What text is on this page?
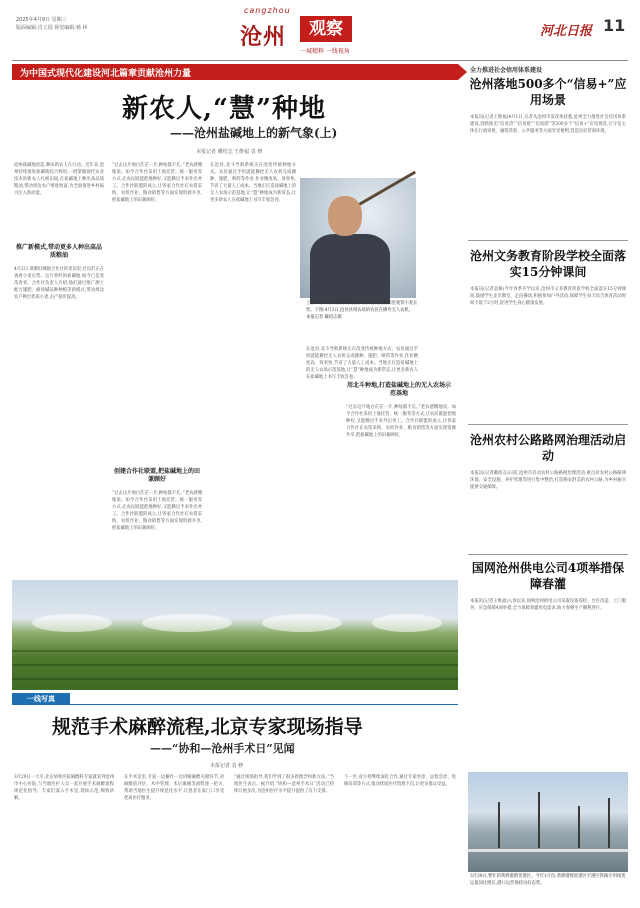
2025年4月9日 星期三
版面编辑:肖立园 视觉编辑:杨 林
cangzhou
沧州	观察
一城精粹 一线视角
河北日报 11
为中国式现代化建设河北篇章贡献沧州力量
新农人,“慧”种地
——沧州盐碱地上的新气象(上)
本报记者 戴绍志 王维福 袁 修
沧州盐碱地改造,种田新农人在行动。近年来,沧州持续推进盐碱地综合利用,一批掌握现代农业技术的新农人扎根田间,在盐碱地上种出高品质粮油,带动周边农户增收致富,为全面推进乡村振兴注入新动能。
推广新模式,带动更多人种出高品质粮油
4月2日,黄骅旧城镇合作社的麦田里,社员们正在查看小麦长势。这片曾经的盐碱地,如今已是麦苗青青。合作社负责人介绍,他们通过推广测土配方施肥、耐盐碱品种种植等新模式,带动周边农户种出优质小麦,亩产稳步提高。
“过去这片地白茫茫一片,种啥都不长。”老农感慨地说。如今合作社采用土地托管、统一服务等方式,让农民既能把地种好,又能腾出手来外出务工。合作社联盟的成立,让各家合作社在农资采购、农机作业、粮食销售等方面实现资源共享,把盐碱地上的田兼顾好。
创建合作社联盟,把盐碱地上的田兼顾好
“过去这片地白茫茫一片,种啥都不长。”老农感慨地说。如今合作社采用土地托管、统一服务等方式,让农民既能把地种好,又能腾出手来外出务工。合作社联盟的成立,让各家合作社在农资采购、农机作业、粮食销售等方面实现资源共享,把盐碱地上的田兼顾好。
在沧县,北斗导航系统正在改变传统种地方式。农民通过手机就能操控无人农机完成播种、施肥、喷药等作业,作业精度高、效率快,节省了大量人工成本。当地正打造盐碱地上的无人农场示范基地,让“慧”种地成为新常态,让更多新农人在盐碱地上书写丰收答卷。
上图:4月2日,黄骅旧城镇合作社的社员在麦田里观察小麦长势。下图:4月2日,沧县县域农场的农民在操作无人农机。 本报记者 戴绍志摄
在沧县,北斗导航系统正在改变传统种地方式。农民通过手机就能操控无人农机完成播种、施肥、喷药等作业,作业精度高、效率快,节省了大量人工成本。当地正打造盐碱地上的无人农场示范基地,让“慧”种地成为新常态,让更多新农人在盐碱地上书写丰收答卷。
用北斗种地,打造盐碱地上的无人农场示范基地
“过去这片地白茫茫一片,种啥都不长。”老农感慨地说。如今合作社采用土地托管、统一服务等方式,让农民既能把地种好,又能腾出手来外出务工。合作社联盟的成立,让各家合作社在农资采购、农机作业、粮食销售等方面实现资源共享,把盐碱地上的田兼顾好。
一线写真
规范手术麻醉流程,北京专家现场指导
——“协和—沧州手术日”见闻
本报记者 袁 修
3月29日一大早,北京协和医院麻醉科专家就来到沧州市中心医院,与当地医护人员一起开展手术麻醉流程规范化指导。专家们深入手术室,现场示范,细致讲解。
在手术室里,专家一边操作一边讲解麻醉关键环节,对麻醉前评估、术中管理、术后镇痛等流程逐一把关,帮助当地医生提升规范化水平,让患者在家门口享受优质医疗服务。
“通过现场指导,我们学到了很多新理念和新方法。”当地医生表示。据介绍,“协和—沧州手术日”活动已持续开展多次,为沧州医疗水平提升提供了有力支撑。
下一步,双方将继续深化合作,通过专家坐诊、远程会诊、进修培训等方式,推动优质医疗资源下沉,让更多群众受益。
全力推进社会信用体系建设
沧州落地500多个“信易+”应用场景
本报讯(记者王维福)4月1日,记者从沧州市发改委获悉,沧州全力推进社会信用体系建设,创新推出“信易贷”“信易批”“信易游”等500多个“信易+”应用场景,让守信主体在行政审批、融资贷款、公共服务等方面享受便利,营造良好营商环境。
沧州文务教育阶段学校全面落实15分钟课间
本报讯(记者袁修)今年春季开学以来,沧州市义务教育阶段学校全面落实15分钟课间,鼓励学生走出教室、走向操场,积极参加户外活动,保障学生每天综合体育活动时间不低于2小时,促进学生身心健康发展。
沧州农村公路路网治理活动启动
本报讯(记者戴绍志)日前,沧州市启动农村公路路网治理活动,重点对农村公路路域环境、安全设施、养护管理等进行集中整治,打造畅安舒美的农村公路,为乡村振兴提供交通保障。
国网沧州供电公司4项举措保障春灌
本报讯(记者王维福)入春以来,国网沧州供电公司采取设备巡检、台区改造、上门服务、应急保障4项举措,全力保障春灌用电需求,助力春耕生产顺利进行。
3月30日,繁忙的黄骅港散货港区。今年1月份,黄骅港煤炭港区至港区铁路专用线货运量同比增长,港口运营保持良好态势。
